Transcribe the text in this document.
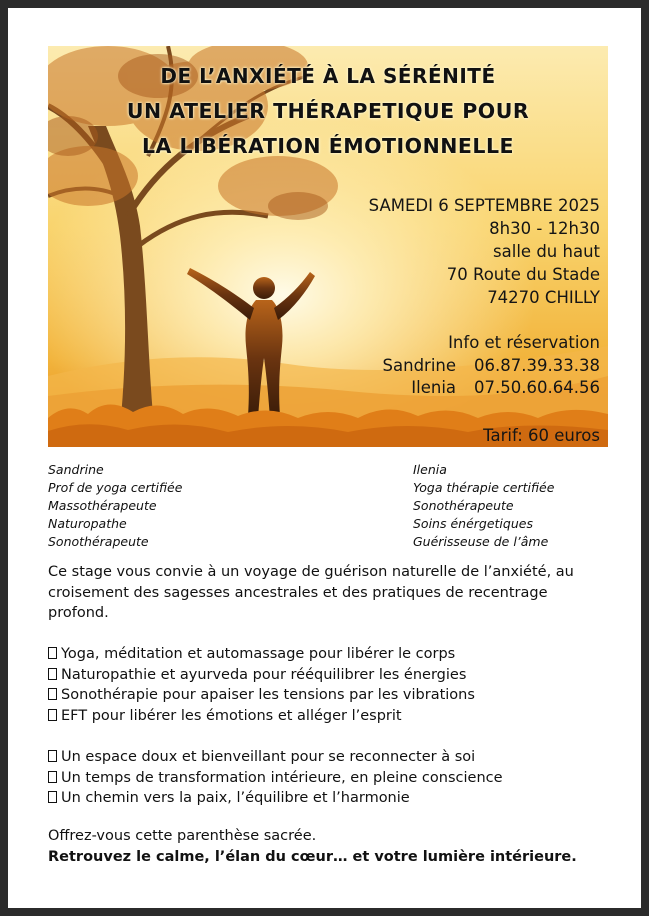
DE L’ANXIÉTÉ À LA SÉRÉNITÉ
UN ATELIER THÉRAPETIQUE POUR
LA LIBÉRATION ÉMOTIONNELLE
SAMEDI 6 SEPTEMBRE 2025
8h30 - 12h30
salle du haut
70 Route du Stade
74270 CHILLY
Info et réservation
Sandrine 06.87.39.33.38
Ilenia 07.50.60.64.56
Tarif: 60 euros
Sandrine
Prof de yoga certifiée
Massothérapeute
Naturopathe
Sonothérapeute
Ilenia
Yoga thérapie certifiée
Sonothérapeute
Soins énérgetiques
Guérisseuse de l’âme
Ce stage vous convie à un voyage de guérison naturelle de l’anxiété, au croisement des sagesses ancestrales et des pratiques de recentrage profond.
Yoga, méditation et automassage pour libérer le corps
Naturopathie et ayurveda pour rééquilibrer les énergies
Sonothérapie pour apaiser les tensions par les vibrations
EFT pour libérer les émotions et alléger l’esprit
Un espace doux et bienveillant pour se reconnecter à soi
Un temps de transformation intérieure, en pleine conscience
Un chemin vers la paix, l’équilibre et l’harmonie
Offrez-vous cette parenthèse sacrée.
Retrouvez le calme, l’élan du cœur… et votre lumière intérieure.
